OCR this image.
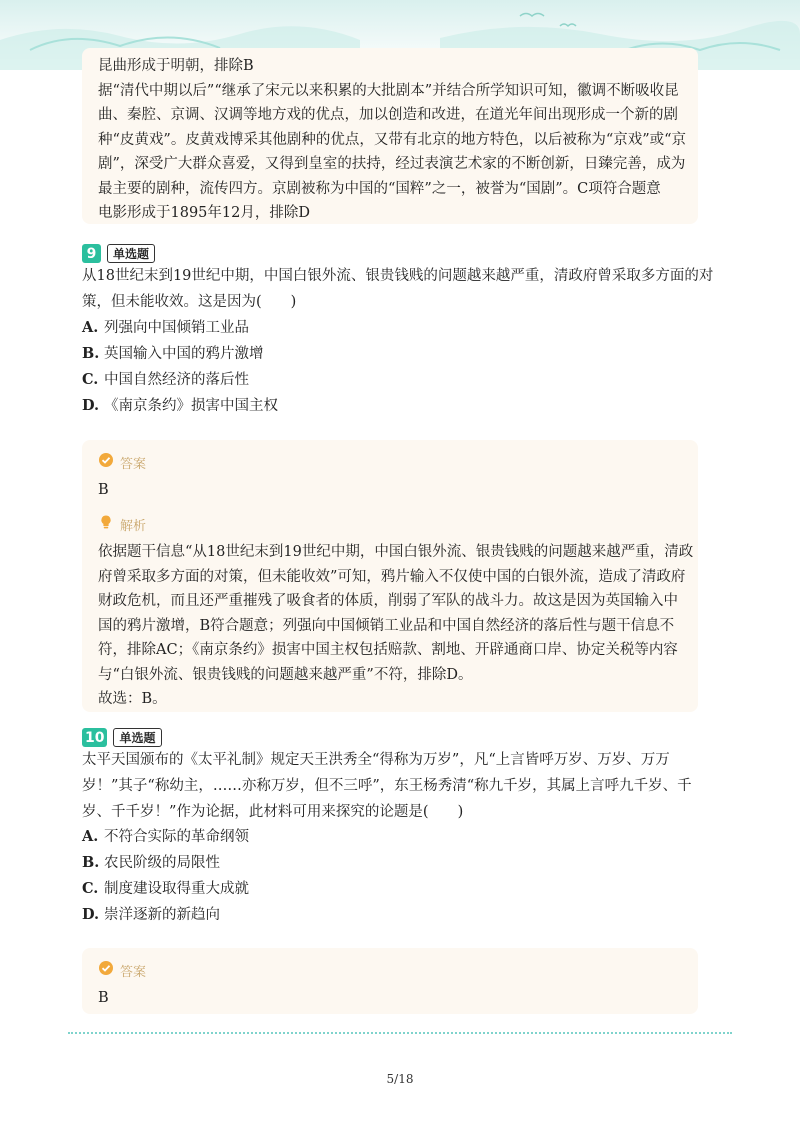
昆曲形成于明朝，排除B
据“清代中期以后”“继承了宋元以来积累的大批剧本”并结合所学知识可知，徽调不断吸收昆
曲、秦腔、京调、汉调等地方戏的优点，加以创造和改进，在道光年间出现形成一个新的剧
种“皮黄戏”。皮黄戏博采其他剧种的优点，又带有北京的地方特色，以后被称为“京戏”或“京
剧”，深受广大群众喜爱，又得到皇室的扶持，经过表演艺术家的不断创新，日臻完善，成为
最主要的剧种，流传四方。京剧被称为中国的“国粹”之一，被誉为“国剧”。C项符合题意
电影形成于1895年12月，排除D
9	单选题
从18世纪末到19世纪中期，中国白银外流、银贵钱贱的问题越来越严重，清政府曾采取多方面的对
策，但未能收效。这是因为(　　)
A. 列强向中国倾销工业品
B. 英国输入中国的鸦片激增
C. 中国自然经济的落后性
D. 《南京条约》损害中国主权
答案
B
解析
依据题干信息“从18世纪末到19世纪中期，中国白银外流、银贵钱贱的问题越来越严重，清政
府曾采取多方面的对策，但未能收效”可知，鸦片输入不仅使中国的白银外流，造成了清政府
财政危机，而且还严重摧残了吸食者的体质，削弱了军队的战斗力。故这是因为英国输入中
国的鸦片激增，B符合题意；列强向中国倾销工业品和中国自然经济的落后性与题干信息不
符，排除AC；《南京条约》损害中国主权包括赔款、割地、开辟通商口岸、协定关税等内容
与“白银外流、银贵钱贱的问题越来越严重”不符，排除D。
故选：B。
10	单选题
太平天国颁布的《太平礼制》规定天王洪秀全“得称为万岁”，凡“上言皆呼万岁、万岁、万万
岁！”其子“称幼主，……亦称万岁，但不三呼”，东王杨秀清“称九千岁，其属上言呼九千岁、千
岁、千千岁！”作为论据，此材料可用来探究的论题是(　　)
A. 不符合实际的革命纲领
B. 农民阶级的局限性
C. 制度建设取得重大成就
D. 崇洋逐新的新趋向
答案
B
5/18
